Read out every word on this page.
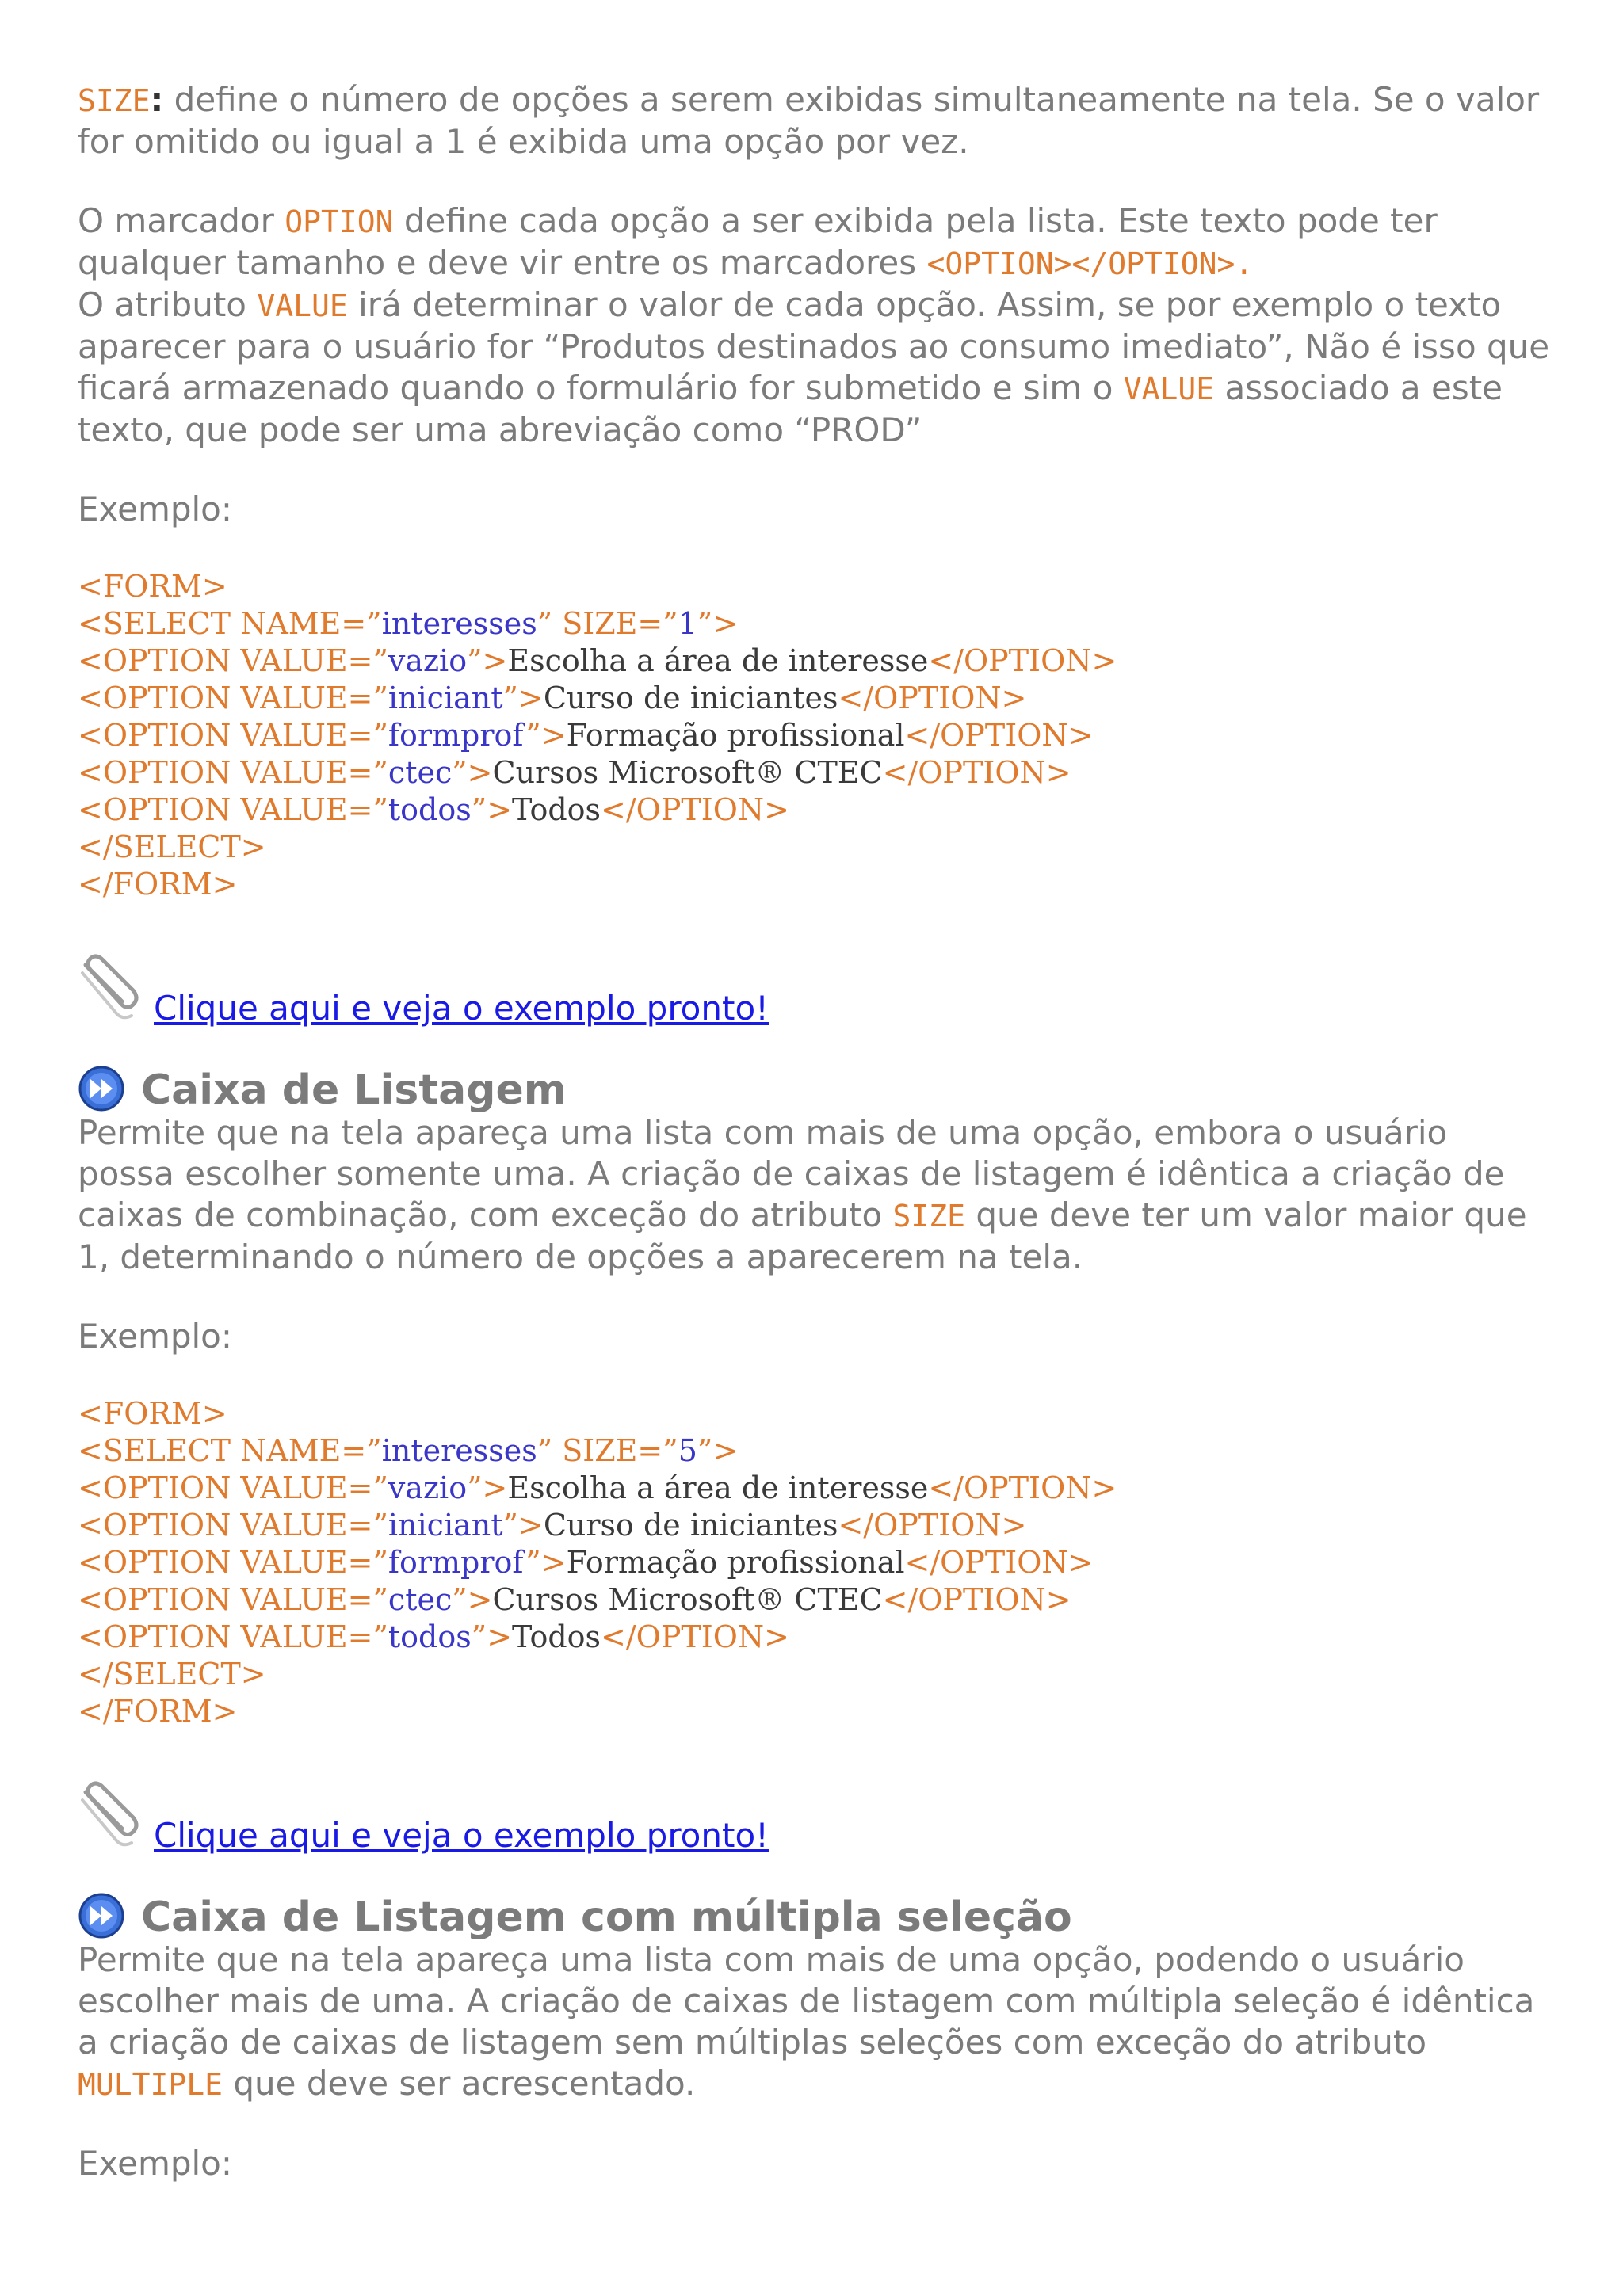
SIZE: define o número de opções a serem exibidas simultaneamente na tela. Se o valor for omitido ou igual a 1 é exibida uma opção por vez.

O marcador OPTION define cada opção a ser exibida pela lista. Este texto pode ter qualquer tamanho e deve vir entre os marcadores <OPTION></OPTION>.
O atributo VALUE irá determinar o valor de cada opção. Assim, se por exemplo o texto aparecer para o usuário for “Produtos destinados ao consumo imediato”, Não é isso que ficará armazenado quando o formulário for submetido e sim o VALUE associado a este texto, que pode ser uma abreviação como “PROD”

Exemplo:

<FORM>
<SELECT NAME=”interesses” SIZE=”1”>
<OPTION VALUE=”vazio”>Escolha a área de interesse</OPTION>
<OPTION VALUE=”iniciant”>Curso de iniciantes</OPTION>
<OPTION VALUE=”formprof”>Formação profissional</OPTION>
<OPTION VALUE=”ctec”>Cursos Microsoft® CTEC</OPTION>
<OPTION VALUE=”todos”>Todos</OPTION>
</SELECT>
</FORM>
Clique aqui e veja o exemplo pronto!
Caixa de Listagem

Permite que na tela apareça uma lista com mais de uma opção, embora o usuário possa escolher somente uma. A criação de caixas de listagem é idêntica a criação de caixas de combinação, com exceção do atributo SIZE que deve ter um valor maior que 1, determinando o número de opções a aparecerem na tela.

Exemplo:

<FORM>
<SELECT NAME=”interesses” SIZE=”5”>
<OPTION VALUE=”vazio”>Escolha a área de interesse</OPTION>
<OPTION VALUE=”iniciant”>Curso de iniciantes</OPTION>
<OPTION VALUE=”formprof”>Formação profissional</OPTION>
<OPTION VALUE=”ctec”>Cursos Microsoft® CTEC</OPTION>
<OPTION VALUE=”todos”>Todos</OPTION>
</SELECT>
</FORM>
Clique aqui e veja o exemplo pronto!
Caixa de Listagem com múltipla seleção

Permite que na tela apareça uma lista com mais de uma opção, podendo o usuário escolher mais de uma. A criação de caixas de listagem com múltipla seleção é idêntica a criação de caixas de listagem sem múltiplas seleções com exceção do atributo MULTIPLE que deve ser acrescentado.

Exemplo:
